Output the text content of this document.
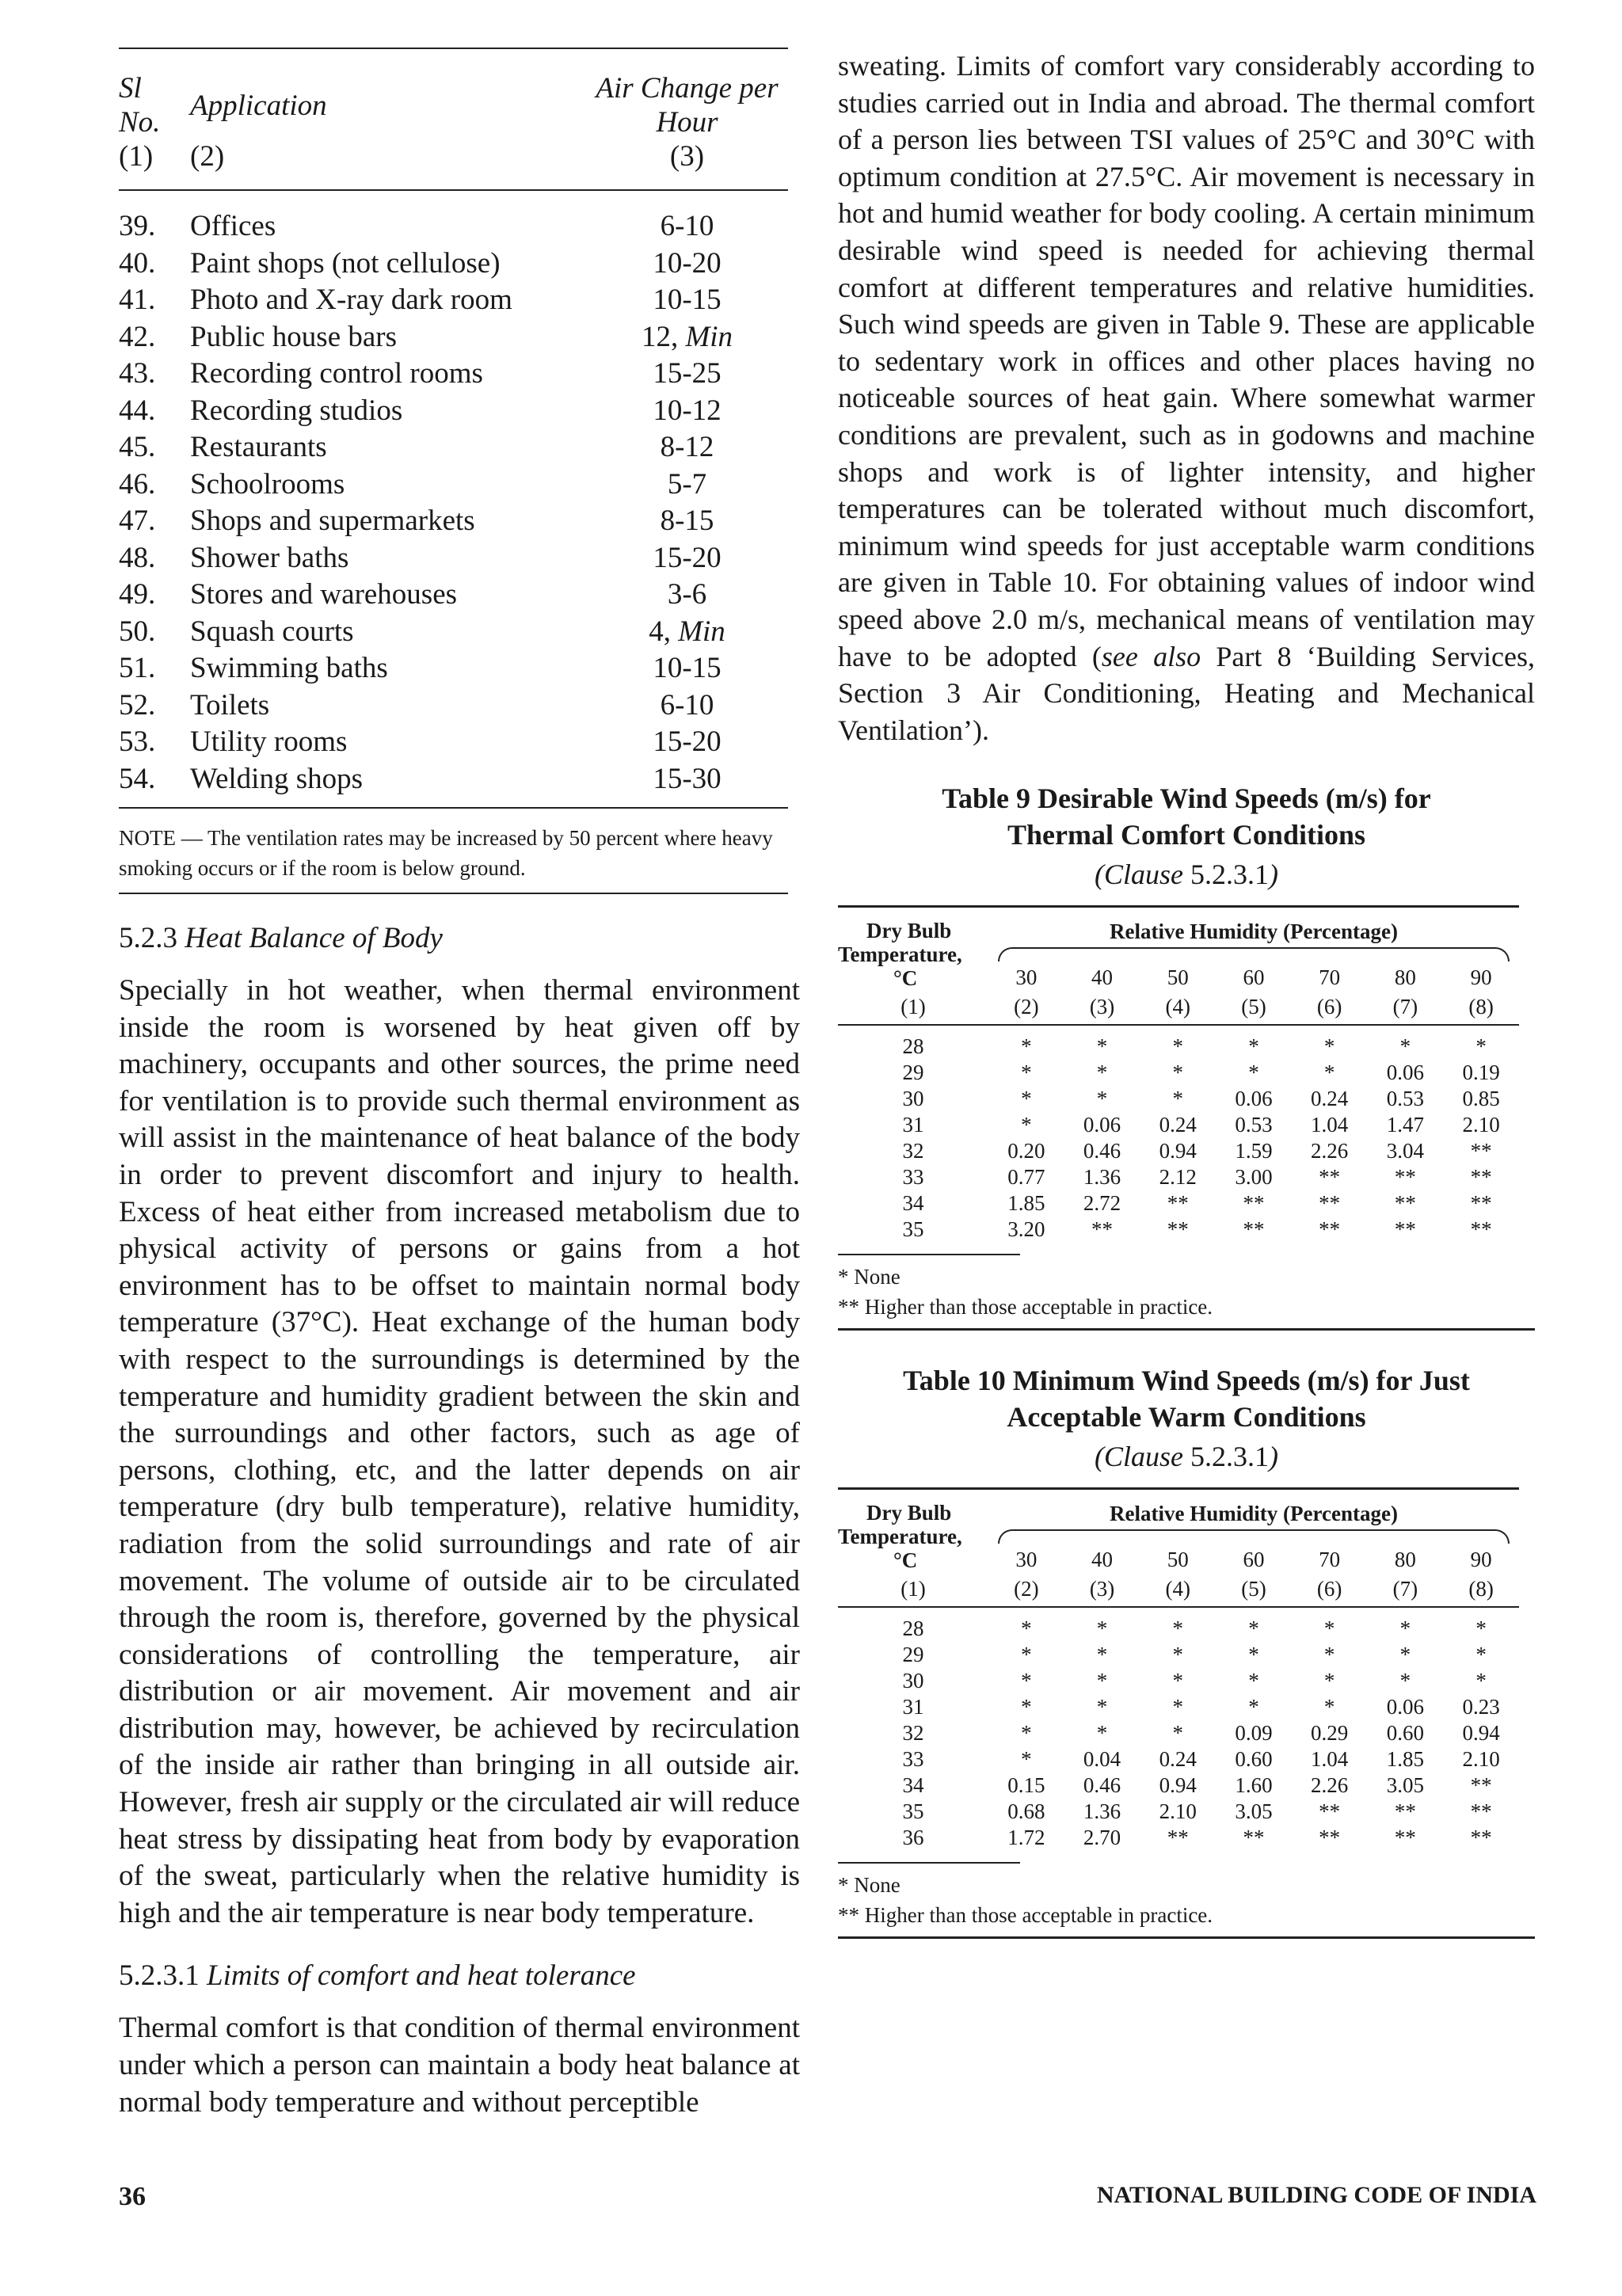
Sl No.	Application	Air Change per Hour
(1)	(2)	(3)
39.	Offices	6-10
40.	Paint shops (not cellulose)	10-20
41.	Photo and X-ray dark room	10-15
42.	Public house bars	12, Min
43.	Recording control rooms	15-25
44.	Recording studios	10-12
45.	Restaurants	8-12
46.	Schoolrooms	5-7
47.	Shops and supermarkets	8-15
48.	Shower baths	15-20
49.	Stores and warehouses	3-6
50.	Squash courts	4, Min
51.	Swimming baths	10-15
52.	Toilets	6-10
53.	Utility rooms	15-20
54.	Welding shops	15-30
NOTE — The ventilation rates may be increased by 50 percent where heavy smoking occurs or if the room is below ground.
5.2.3 Heat Balance of Body

Specially in hot weather, when thermal environment inside the room is worsened by heat given off by machinery, occupants and other sources, the prime need for ventilation is to provide such thermal environment as will assist in the maintenance of heat balance of the body in order to prevent discomfort and injury to health. Excess of heat either from increased metabolism due to physical activity of persons or gains from a hot environment has to be offset to maintain normal body temperature (37°C). Heat exchange of the human body with respect to the surroundings is determined by the temperature and humidity gradient between the skin and the surroundings and other factors, such as age of persons, clothing, etc, and the latter depends on air temperature (dry bulb temperature), relative humidity, radiation from the solid surroundings and rate of air movement. The volume of outside air to be circulated through the room is, therefore, governed by the physical considerations of controlling the temperature, air distribution or air movement. Air movement and air distribution may, however, be achieved by recirculation of the inside air rather than bringing in all outside air. However, fresh air supply or the circulated air will reduce heat stress by dissipating heat from body by evaporation of the sweat, particularly when the relative humidity is high and the air temperature is near body temperature.

5.2.3.1 Limits of comfort and heat tolerance

Thermal comfort is that condition of thermal environment under which a person can maintain a body heat balance at normal body temperature and without perceptible

sweating. Limits of comfort vary considerably according to studies carried out in India and abroad. The thermal comfort of a person lies between TSI values of 25°C and 30°C with optimum condition at 27.5°C. Air movement is necessary in hot and humid weather for body cooling. A certain minimum desirable wind speed is needed for achieving thermal comfort at different temperatures and relative humidities. Such wind speeds are given in Table 9. These are applicable to sedentary work in offices and other places having no noticeable sources of heat gain. Where somewhat warmer conditions are prevalent, such as in godowns and machine shops and work is of lighter intensity, and higher temperatures can be tolerated without much discomfort, minimum wind speeds for just acceptable warm conditions are given in Table 10. For obtaining values of indoor wind speed above 2.0 m/s, mechanical means of ventilation may have to be adopted (see also Part 8 ‘Building Services, Section 3 Air Conditioning, Heating and Mechanical Ventilation’).

Table 9 Desirable Wind Speeds (m/s) for
Thermal Comfort Conditions
(Clause 5.2.3.1)
Dry Bulb
Temperature,
°C	Relative Humidity (Percentage)						

	30	40	50	60	70	80	90
(1)	(2)	(3)	(4)	(5)	(6)	(7)	(8)
28	*	*	*	*	*	*	*
29	*	*	*	*	*	0.06	0.19
30	*	*	*	0.06	0.24	0.53	0.85
31	*	0.06	0.24	0.53	1.04	1.47	2.10
32	0.20	0.46	0.94	1.59	2.26	3.04	**
33	0.77	1.36	2.12	3.00	**	**	**
34	1.85	2.72	**	**	**	**	**
35	3.20	**	**	**	**	**	**
* None
** Higher than those acceptable in practice.
Table 10 Minimum Wind Speeds (m/s) for Just
Acceptable Warm Conditions
(Clause 5.2.3.1)
Dry Bulb
Temperature,
°C	Relative Humidity (Percentage)						

	30	40	50	60	70	80	90
(1)	(2)	(3)	(4)	(5)	(6)	(7)	(8)
28	*	*	*	*	*	*	*
29	*	*	*	*	*	*	*
30	*	*	*	*	*	*	*
31	*	*	*	*	*	0.06	0.23
32	*	*	*	0.09	0.29	0.60	0.94
33	*	0.04	0.24	0.60	1.04	1.85	2.10
34	0.15	0.46	0.94	1.60	2.26	3.05	**
35	0.68	1.36	2.10	3.05	**	**	**
36	1.72	2.70	**	**	**	**	**
* None
** Higher than those acceptable in practice.
36	NATIONAL BUILDING CODE OF INDIA
